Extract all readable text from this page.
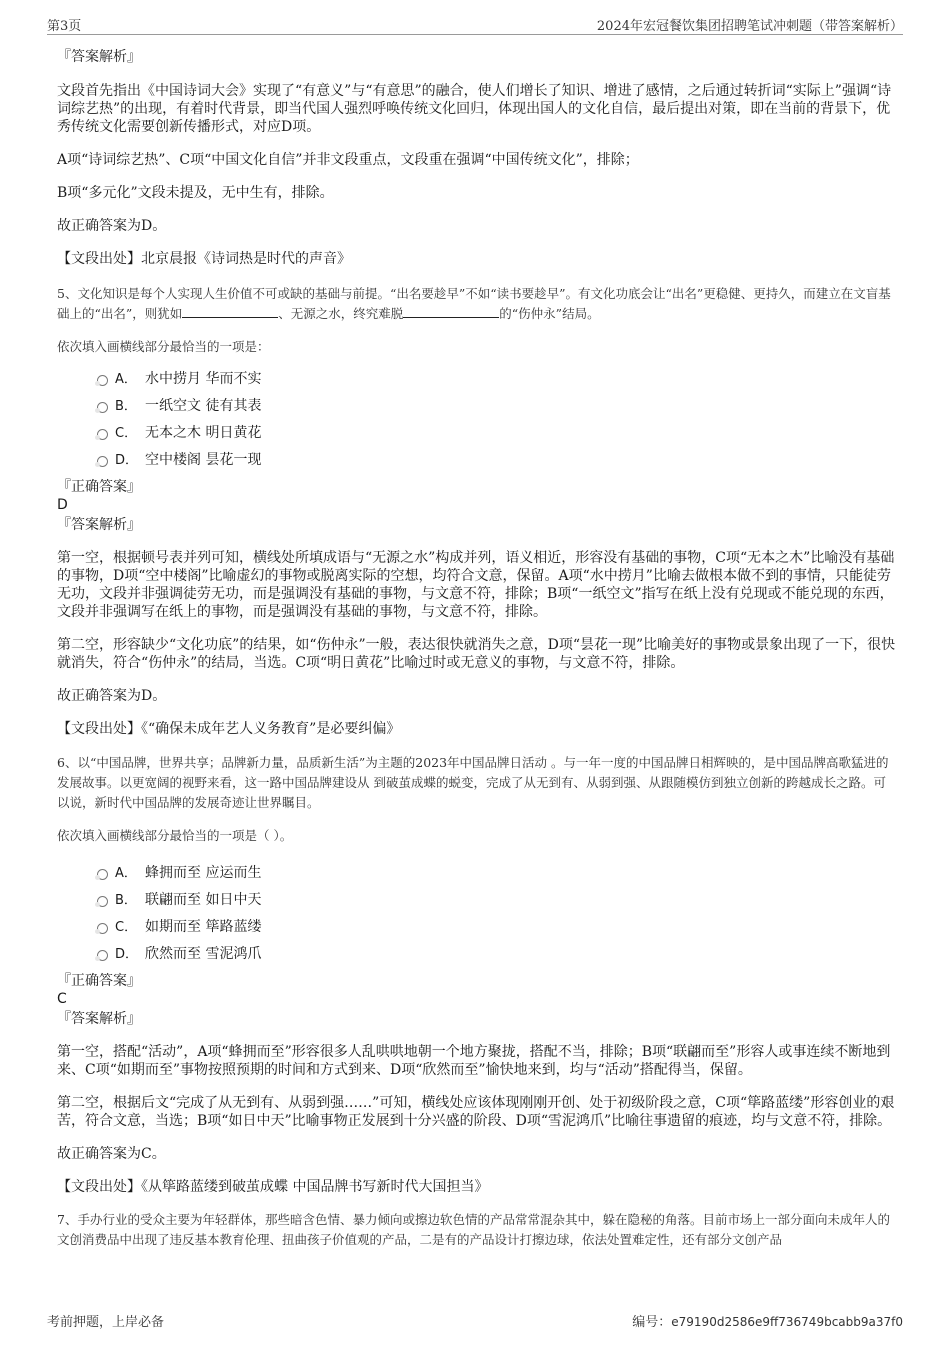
第3页	2024年宏冠餐饮集团招聘笔试冲刺题（带答案解析）

『答案解析』

文段首先指出《中国诗词大会》实现了“有意义”与“有意思”的融合，使人们增长了知识、增进了感情，之后通过转折词“实际上”强调“诗词综艺热”的出现，有着时代背景，即当代国人强烈呼唤传统文化回归，体现出国人的文化自信，最后提出对策，即在当前的背景下，优秀传统文化需要创新传播形式，对应D项。

A项“诗词综艺热”、C项“中国文化自信”并非文段重点，文段重在强调“中国传统文化”，排除；

B项“多元化”文段未提及，无中生有，排除。

故正确答案为D。

【文段出处】北京晨报《诗词热是时代的声音》

5、文化知识是每个人实现人生价值不可或缺的基础与前提。“出名要趁早”不如“读书要趁早”。有文化功底会让“出名”更稳健、更持久，而建立在文盲基础上的“出名”，则犹如	、无源之水，终究难脱	的“伤仲永”结局。

依次填入画横线部分最恰当的一项是：

A． 水中捞月 华而不实
B． 一纸空文 徒有其表
C． 无本之木 明日黄花
D． 空中楼阁 昙花一现

『正确答案』

D

『答案解析』

第一空，根据顿号表并列可知，横线处所填成语与“无源之水”构成并列，语义相近，形容没有基础的事物，C项“无本之木”比喻没有基础的事物，D项“空中楼阁”比喻虚幻的事物或脱离实际的空想，均符合文意，保留。A项“水中捞月”比喻去做根本做不到的事情，只能徒劳无功，文段并非强调徒劳无功，而是强调没有基础的事物，与文意不符，排除；B项“一纸空文”指写在纸上没有兑现或不能兑现的东西，文段并非强调写在纸上的事物，而是强调没有基础的事物，与文意不符，排除。

第二空，形容缺少“文化功底”的结果，如“伤仲永”一般，表达很快就消失之意，D项“昙花一现”比喻美好的事物或景象出现了一下，很快就消失，符合“伤仲永”的结局，当选。C项“明日黄花”比喻过时或无意义的事物，与文意不符，排除。

故正确答案为D。

【文段出处】《“确保未成年艺人义务教育”是必要纠偏》

6、以“中国品牌，世界共享；品牌新力量，品质新生活”为主题的2023年中国品牌日活动 。与一年一度的中国品牌日相辉映的，是中国品牌高歌猛进的发展故事。以更宽阔的视野来看，这一路中国品牌建设从 到破茧成蝶的蜕变，完成了从无到有、从弱到强、从跟随模仿到独立创新的跨越成长之路。可以说，新时代中国品牌的发展奇迹让世界瞩目。

依次填入画横线部分最恰当的一项是（ ）。

A． 蜂拥而至 应运而生
B． 联翩而至 如日中天
C． 如期而至 筚路蓝缕
D． 欣然而至 雪泥鸿爪

『正确答案』

C

『答案解析』

第一空，搭配“活动”，A项“蜂拥而至”形容很多人乱哄哄地朝一个地方聚拢，搭配不当，排除；B项“联翩而至”形容人或事连续不断地到来、C项“如期而至”事物按照预期的时间和方式到来、D项“欣然而至”愉快地来到，均与“活动”搭配得当，保留。

第二空，根据后文“完成了从无到有、从弱到强……”可知，横线处应该体现刚刚开创、处于初级阶段之意，C项“筚路蓝缕”形容创业的艰苦，符合文意，当选；B项“如日中天”比喻事物正发展到十分兴盛的阶段、D项“雪泥鸿爪”比喻往事遗留的痕迹，均与文意不符，排除。

故正确答案为C。

【文段出处】《从筚路蓝缕到破茧成蝶 中国品牌书写新时代大国担当》

7、手办行业的受众主要为年轻群体，那些暗含色情、暴力倾向或擦边软色情的产品常常混杂其中，躲在隐秘的角落。目前市场上一部分面向未成年人的文创消费品中出现了违反基本教育伦理、扭曲孩子价值观的产品，二是有的产品设计打擦边球，依法处置难定性，还有部分文创产品

考前押题，上岸必备	编号：e79190d2586e9ff736749bcabb9a37f0
